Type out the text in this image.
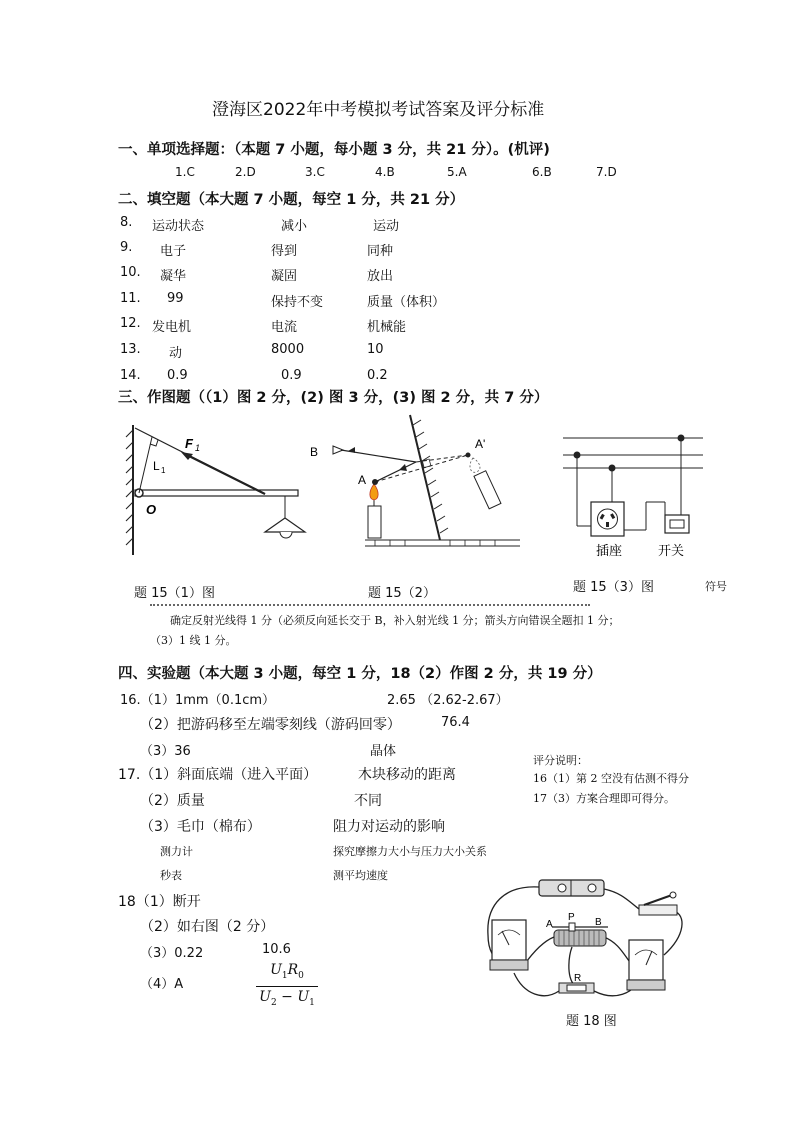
澄海区2022年中考模拟考试答案及评分标准
一、单项选择题：（本题 7 小题，每小题 3 分，共 21 分）。(机评)
1.C	2.D	3.C	4.B	5.A	6.B	7.D
二、填空题（本大题 7 小题，每空 1 分，共 21 分）
8. 运动状态	减小	运动
9. 电子	得到	同种
10. 凝华	凝固	放出
11. 99	保持不变	质量（体积）
12. 发电机	电流	机械能
13. 动	8000	10
14. 0.9	0.9	0.2
三、作图题（（1）图 2 分，(2) 图 3 分，(3) 图 2 分，共 7 分）
F 1
L 1
O
题 15（1）图
B
A
A'
题 15（2）
插座	开关
题 15（3）图	符号
确定反射光线得 1 分（必须反向延长交于 B，补入射光线 1 分；箭头方向错误全题扣 1 分；
（3）1 线 1 分。
四、实验题（本大题 3 小题，每空 1 分，18（2）作图 2 分，共 19 分）
16.（1）1mm（0.1cm）	2.65 （2.62-2.67）
（2）把游码移至左端零刻线（游码回零）	76.4
（3）36	晶体
17.（1）斜面底端（进入平面）	木块移动的距离
（2）质量	不同
（3）毛巾（棉布）	阻力对运动的影响
测力计	探究摩擦力大小与压力大小关系
秒表	测平均速度
评分说明：
16（1）第 2 空没有估测不得分
17（3）方案合理即可得分。
18（1）断开
（2）如右图（2 分）
（3）0.22	10.6
（4）A
$U_1R_0$
$U_2 - U_1$
A
P B
R
题 18 图
